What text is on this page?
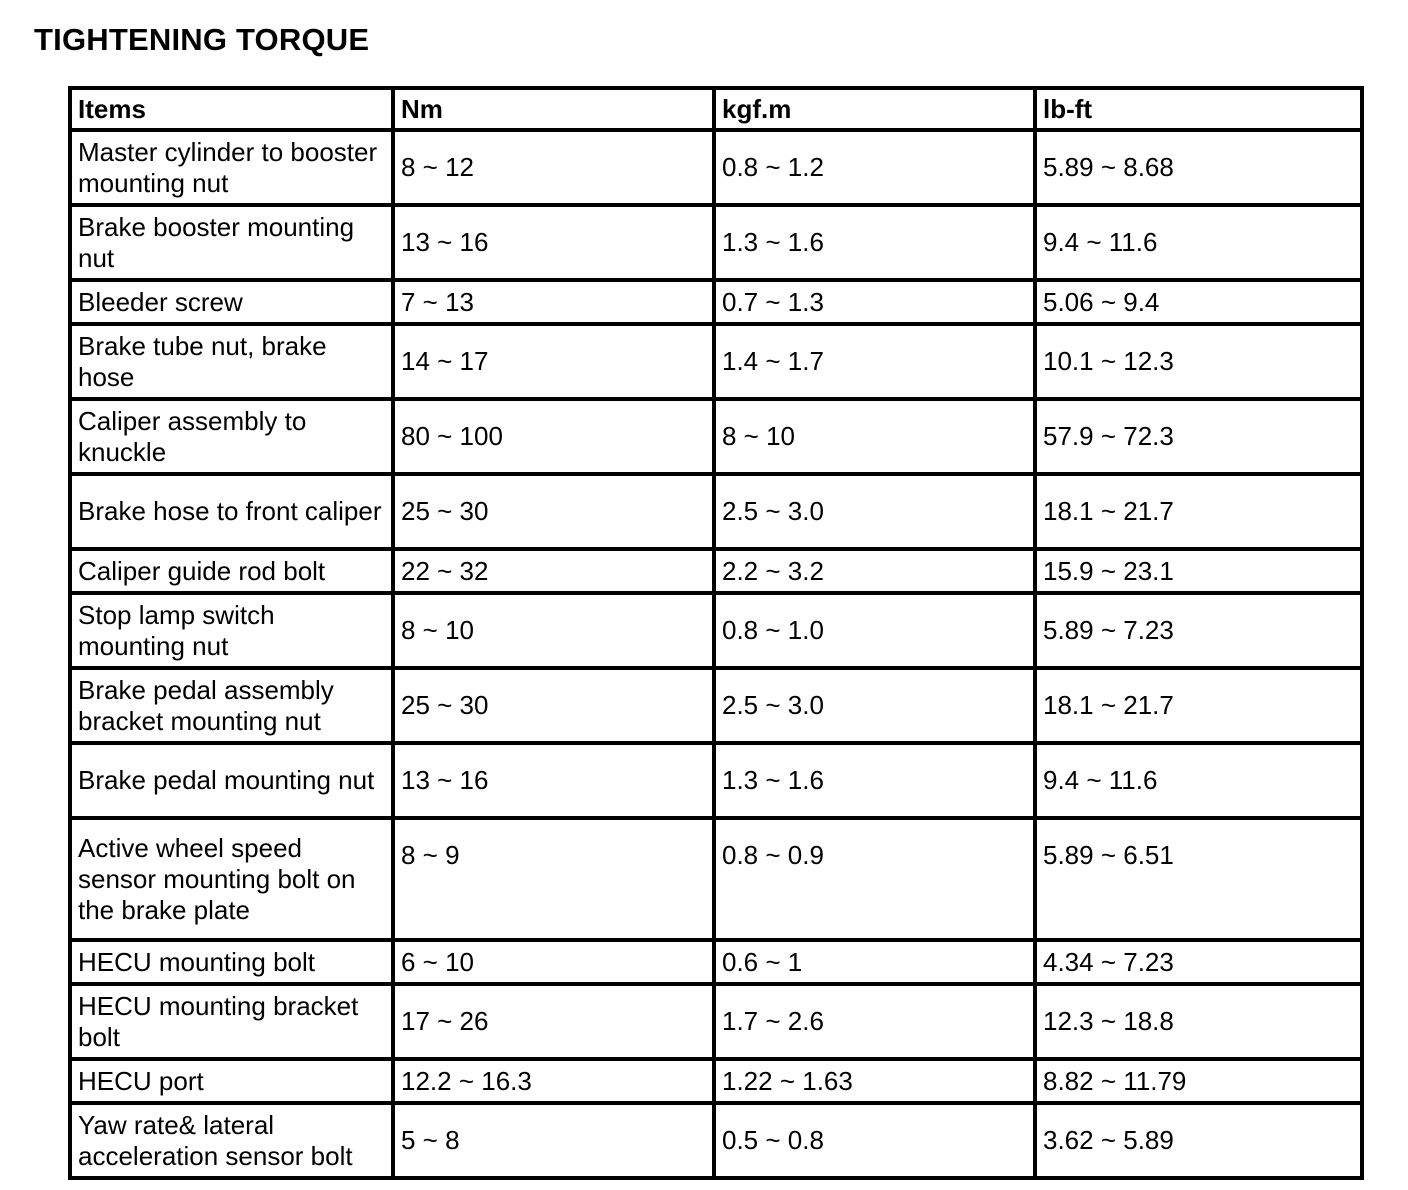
TIGHTENING TORQUE
Items	Nm	kgf.m	lb-ft
Master cylinder to booster mounting nut	8 ~ 12	0.8 ~ 1.2	5.89 ~ 8.68
Brake booster mounting nut	13 ~ 16	1.3 ~ 1.6	9.4 ~ 11.6
Bleeder screw	7 ~ 13	0.7 ~ 1.3	5.06 ~ 9.4
Brake tube nut, brake hose	14 ~ 17	1.4 ~ 1.7	10.1 ~ 12.3
Caliper assembly to knuckle	80 ~ 100	8 ~ 10	57.9 ~ 72.3
Brake hose to front caliper	25 ~ 30	2.5 ~ 3.0	18.1 ~ 21.7
Caliper guide rod bolt	22 ~ 32	2.2 ~ 3.2	15.9 ~ 23.1
Stop lamp switch mounting nut	8 ~ 10	0.8 ~ 1.0	5.89 ~ 7.23
Brake pedal assembly bracket mounting nut	25 ~ 30	2.5 ~ 3.0	18.1 ~ 21.7
Brake pedal mounting nut	13 ~ 16	1.3 ~ 1.6	9.4 ~ 11.6
Active wheel speed sensor mounting bolt on the brake plate	8 ~ 9	0.8 ~ 0.9	5.89 ~ 6.51
HECU mounting bolt	6 ~ 10	0.6 ~ 1	4.34 ~ 7.23
HECU mounting bracket bolt	17 ~ 26	1.7 ~ 2.6	12.3 ~ 18.8
HECU port	12.2 ~ 16.3	1.22 ~ 1.63	8.82 ~ 11.79
Yaw rate& lateral acceleration sensor bolt	5 ~ 8	0.5 ~ 0.8	3.62 ~ 5.89
